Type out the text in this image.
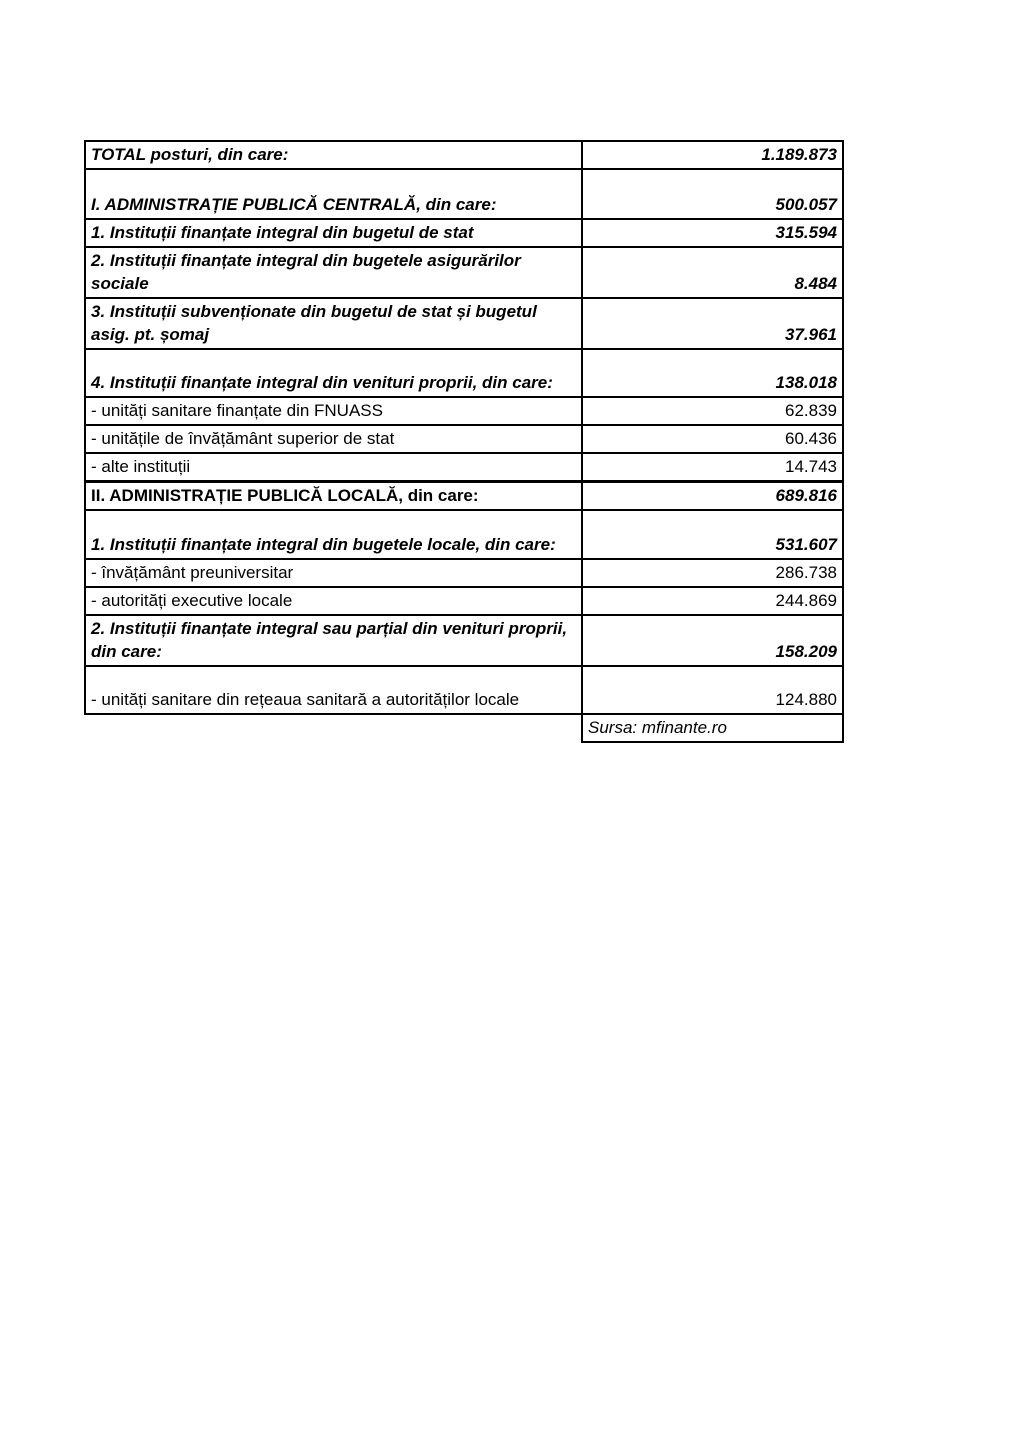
TOTAL posturi, din care:	1.189.873
I. ADMINISTRAȚIE PUBLICĂ CENTRALĂ, din care:	500.057
1. Instituții finanțate integral din bugetul de stat	315.594
2. Instituții finanțate integral din bugetele asigurărilor sociale	8.484
3. Instituții subvenționate din bugetul de stat și bugetul asig. pt. șomaj	37.961
4. Instituții finanțate integral din venituri proprii, din care:	138.018
- unități sanitare finanțate din FNUASS	62.839
- unitățile de învățământ superior de stat	60.436
- alte instituții	14.743
II. ADMINISTRAȚIE PUBLICĂ LOCALĂ, din care:	689.816
1. Instituții finanțate integral din bugetele locale, din care:	531.607
- învățământ preuniversitar	286.738
- autorități executive locale	244.869
2. Instituții finanțate integral sau parțial din venituri proprii, din care:	158.209
- unități sanitare din rețeaua sanitară a autorităților locale	124.880
	Sursa: mfinante.ro
